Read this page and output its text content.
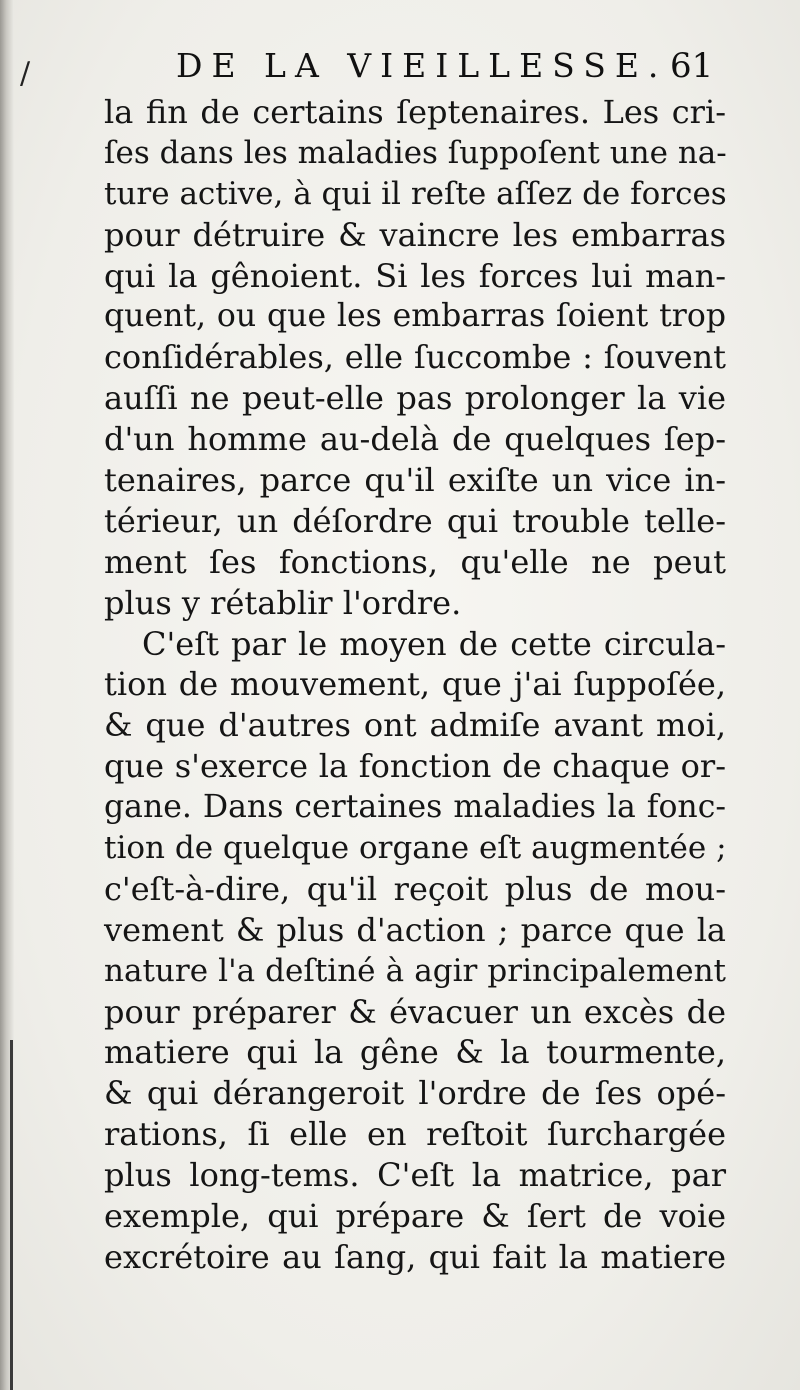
/	DE LA VIEILLESSE. 61
la fin de certains ſeptenaires. Les cri-
ſes dans les maladies ſuppoſent une na-
ture active, à qui il reſte aſſez de forces
pour détruire & vaincre les embarras
qui la gênoient. Si les forces lui man-
quent, ou que les embarras ſoient trop
conſidérables, elle ſuccombe : ſouvent
auſſi ne peut-elle pas prolonger la vie
d'un homme au-delà de quelques ſep-
tenaires, parce qu'il exiſte un vice in-
térieur, un déſordre qui trouble telle-
ment ſes fonctions, qu'elle ne peut
plus y rétablir l'ordre.
C'eſt par le moyen de cette circula-
tion de mouvement, que j'ai ſuppoſée,
& que d'autres ont admiſe avant moi,
que s'exerce la fonction de chaque or-
gane. Dans certaines maladies la fonc-
tion de quelque organe eſt augmentée ;
c'eſt-à-dire, qu'il reçoit plus de mou-
vement & plus d'action ; parce que la
nature l'a deſtiné à agir principalement
pour préparer & évacuer un excès de
matiere qui la gêne & la tourmente,
& qui dérangeroit l'ordre de ſes opé-
rations, ſi elle en reſtoit ſurchargée
plus long-tems. C'eſt la matrice, par
exemple, qui prépare & ſert de voie
excrétoire au ſang, qui fait la matiere
